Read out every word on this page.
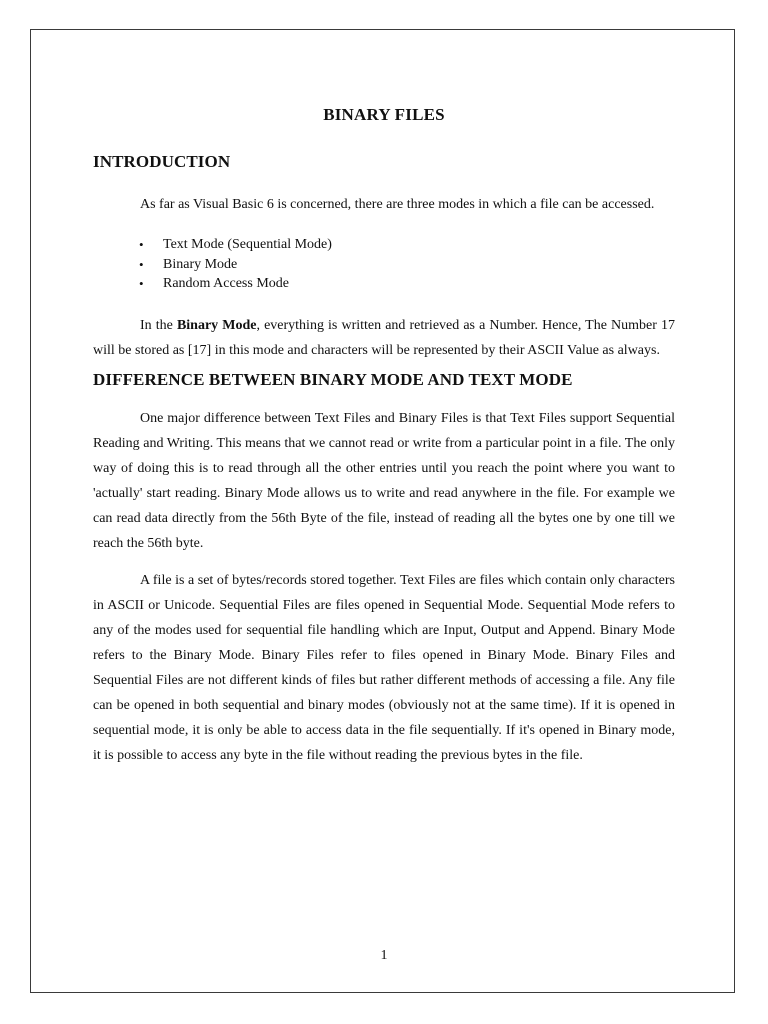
BINARY FILES
INTRODUCTION

As far as Visual Basic 6 is concerned, there are three modes in which a file can be accessed.

• Text Mode (Sequential Mode)
• Binary Mode
• Random Access Mode

In the Binary Mode, everything is written and retrieved as a Number. Hence, The Number 17 will be stored as [17] in this mode and characters will be represented by their ASCII Value as always.

DIFFERENCE BETWEEN BINARY MODE AND TEXT MODE

One major difference between Text Files and Binary Files is that Text Files support Sequential Reading and Writing. This means that we cannot read or write from a particular point in a file. The only way of doing this is to read through all the other entries until you reach the point where you want to 'actually' start reading. Binary Mode allows us to write and read anywhere in the file. For example we can read data directly from the 56th Byte of the file, instead of reading all the bytes one by one till we reach the 56th byte.

A file is a set of bytes/records stored together. Text Files are files which contain only characters in ASCII or Unicode. Sequential Files are files opened in Sequential Mode. Sequential Mode refers to any of the modes used for sequential file handling which are Input, Output and Append. Binary Mode refers to the Binary Mode. Binary Files refer to files opened in Binary Mode. Binary Files and Sequential Files are not different kinds of files but rather different methods of accessing a file. Any file can be opened in both sequential and binary modes (obviously not at the same time). If it is opened in sequential mode, it is only be able to access data in the file sequentially. If it's opened in Binary mode, it is possible to access any byte in the file without reading the previous bytes in the file.

1
